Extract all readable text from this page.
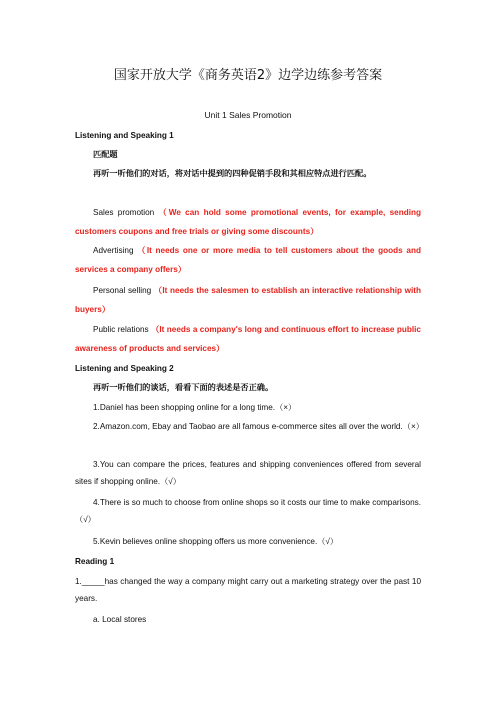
国家开放大学《商务英语2》边学边练参考答案
Unit 1 Sales Promotion
Listening and Speaking 1
匹配题
再听一听他们的对话，将对话中提到的四种促销手段和其相应特点进行匹配。
Sales promotion （We can hold some promotional events, for example, sending customers coupons and free trials or giving some discounts）
Advertising （It needs one or more media to tell customers about the goods and services a company offers）
Personal selling （It needs the salesmen to establish an interactive relationship with buyers）
Public relations （It needs a company's long and continuous effort to increase public awareness of products and services）
Listening and Speaking 2
再听一听他们的谈话，看看下面的表述是否正确。
1.Daniel has been shopping online for a long time.（×）
2.Amazon.com, Ebay and Taobao are all famous e-commerce sites all over the world.（×）
3.You can compare the prices, features and shipping conveniences offered from several sites if shopping online.（√）
4.There is so much to choose from online shops so it costs our time to make comparisons.（√）
5.Kevin believes online shopping offers us more convenience.（√）
Reading 1
1._____has changed the way a company might carry out a marketing strategy over the past 10 years.
a. Local stores
